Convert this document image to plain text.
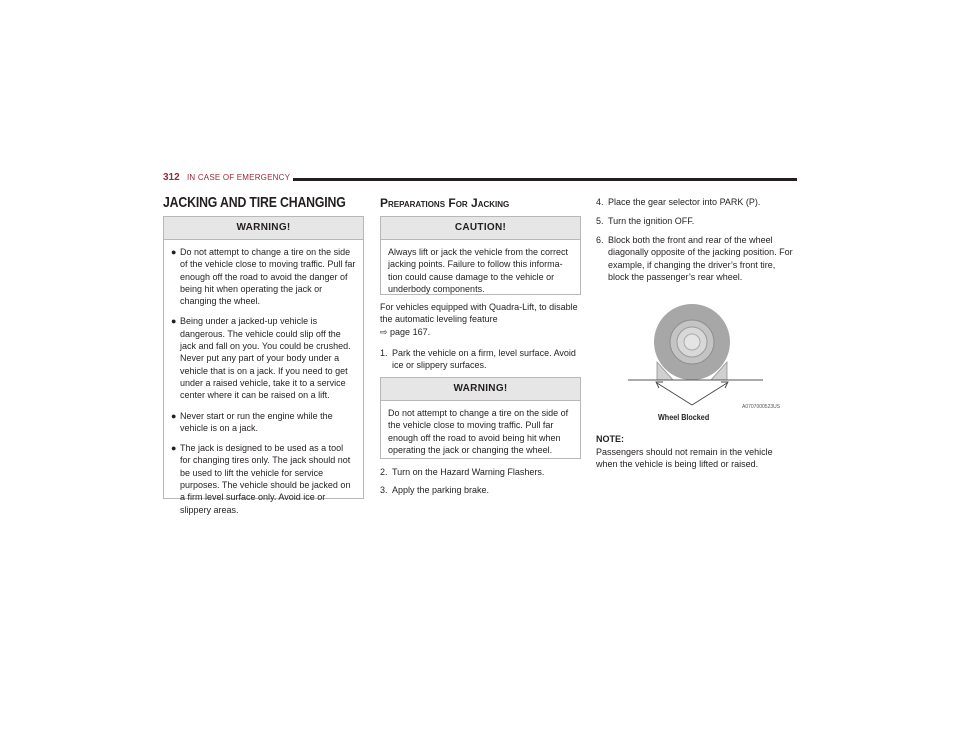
312 IN CASE OF EMERGENCY
JACKING AND TIRE CHANGING
WARNING!
● Do not attempt to change a tire on the side of the vehicle close to moving traffic. Pull far enough off the road to avoid the danger of being hit when operating the jack or changing the wheel.
● Being under a jacked-up vehicle is dangerous. The vehicle could slip off the jack and fall on you. You could be crushed. Never put any part of your body under a vehicle that is on a jack. If you need to get under a raised vehicle, take it to a service center where it can be raised on a lift.
● Never start or run the engine while the vehicle is on a jack.
● The jack is designed to be used as a tool for changing tires only. The jack should not be used to lift the vehicle for service purposes. The vehicle should be jacked on a firm level surface only. Avoid ice or slippery areas.
Preparations For Jacking
CAUTION!
Always lift or jack the vehicle from the correct jacking points. Failure to follow this informa-tion could cause damage to the vehicle or underbody components.
For vehicles equipped with Quadra-Lift, to disable the automatic leveling feature
⇨ page 167.
1. Park the vehicle on a firm, level surface. Avoid ice or slippery surfaces.
WARNING!
Do not attempt to change a tire on the side of the vehicle close to moving traffic. Pull far enough off the road to avoid being hit when operating the jack or changing the wheel.
2. Turn on the Hazard Warning Flashers.
3. Apply the parking brake.
4. Place the gear selector into PARK (P).
5. Turn the ignition OFF.
6. Block both the front and rear of the wheel diagonally opposite of the jacking position. For example, if changing the driver’s front tire, block the passenger’s rear wheel.
A0707000523US
Wheel Blocked
NOTE:
Passengers should not remain in the vehicle when the vehicle is being lifted or raised.
